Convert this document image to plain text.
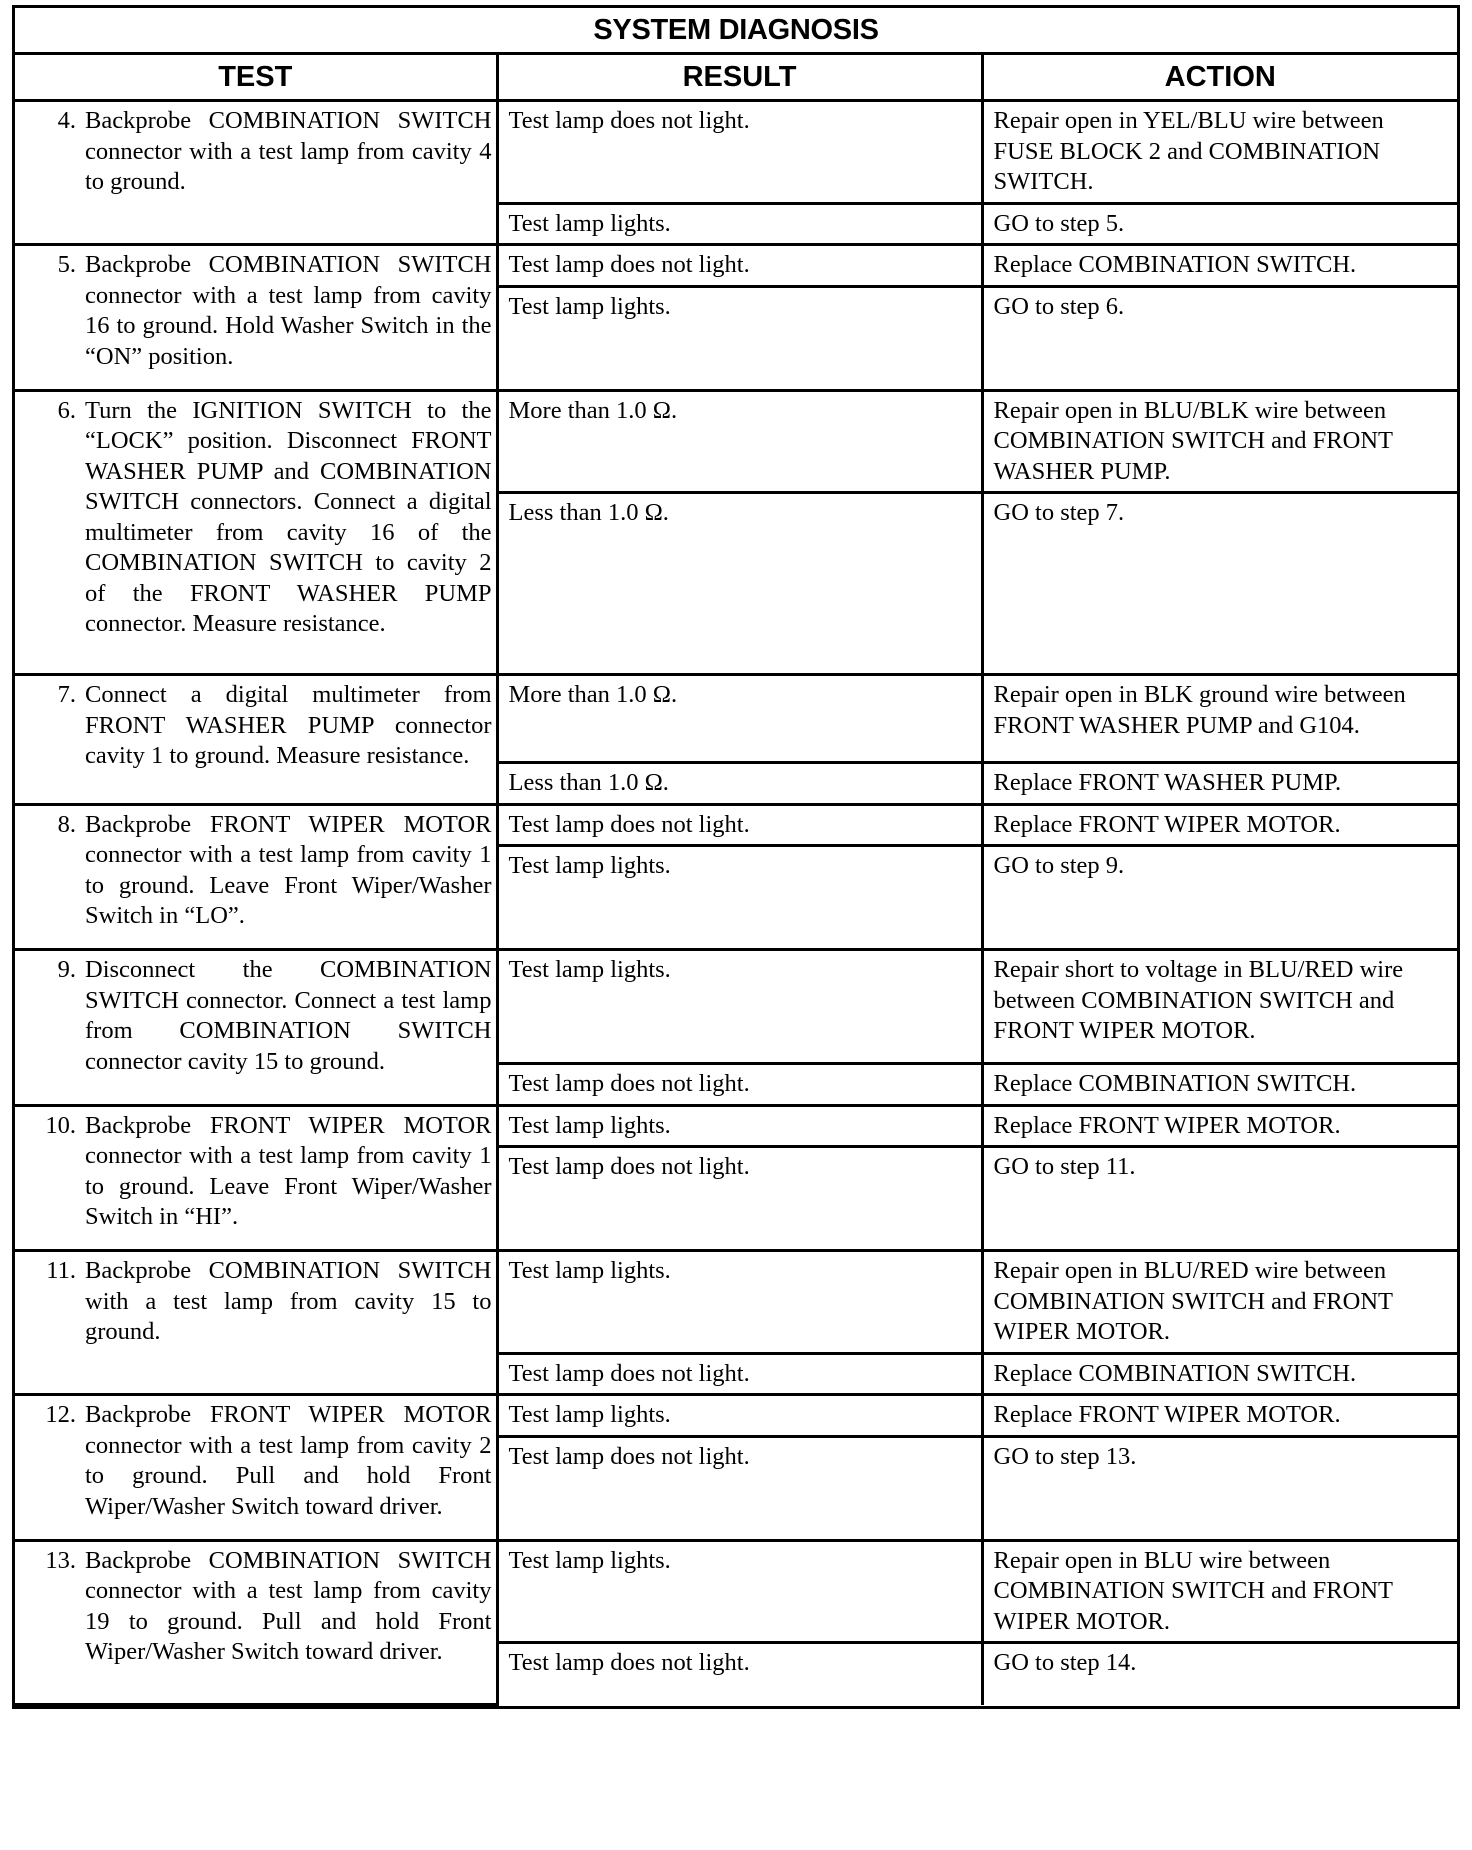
SYSTEM DIAGNOSIS
TEST	RESULT	ACTION

4. Backprobe COMBINATION SWITCH connector with a test lamp from cavity 4 to ground.	Test lamp does not light.	Repair open in YEL/BLU wire between FUSE BLOCK 2 and COMBINATION SWITCH.
	Test lamp lights.	GO to step 5.

5. Backprobe COMBINATION SWITCH connector with a test lamp from cavity 16 to ground. Hold Washer Switch in the “ON” position.	Test lamp does not light.	Replace COMBINATION SWITCH.
	Test lamp lights.	GO to step 6.

6. Turn the IGNITION SWITCH to the “LOCK” position. Disconnect FRONT WASHER PUMP and COMBINATION SWITCH connectors. Connect a digital multimeter from cavity 16 of the COMBINATION SWITCH to cavity 2 of the FRONT WASHER PUMP connector. Measure resistance.	More than 1.0 Ω.	Repair open in BLU/BLK wire between COMBINATION SWITCH and FRONT WASHER PUMP.
	Less than 1.0 Ω.	GO to step 7.

7. Connect a digital multimeter from FRONT WASHER PUMP connector cavity 1 to ground. Measure resistance.	More than 1.0 Ω.	Repair open in BLK ground wire between FRONT WASHER PUMP and G104.
	Less than 1.0 Ω.	Replace FRONT WASHER PUMP.

8. Backprobe FRONT WIPER MOTOR connector with a test lamp from cavity 1 to ground. Leave Front Wiper/Washer Switch in “LO”.	Test lamp does not light.	Replace FRONT WIPER MOTOR.
	Test lamp lights.	GO to step 9.

9. Disconnect the COMBINATION SWITCH connector. Connect a test lamp from COMBINATION SWITCH connector cavity 15 to ground.	Test lamp lights.	Repair short to voltage in BLU/RED wire between COMBINATION SWITCH and FRONT WIPER MOTOR.
	Test lamp does not light.	Replace COMBINATION SWITCH.

10. Backprobe FRONT WIPER MOTOR connector with a test lamp from cavity 1 to ground. Leave Front Wiper/Washer Switch in “HI”.	Test lamp lights.	Replace FRONT WIPER MOTOR.
	Test lamp does not light.	GO to step 11.

11. Backprobe COMBINATION SWITCH with a test lamp from cavity 15 to ground.	Test lamp lights.	Repair open in BLU/RED wire between COMBINATION SWITCH and FRONT WIPER MOTOR.
	Test lamp does not light.	Replace COMBINATION SWITCH.

12. Backprobe FRONT WIPER MOTOR connector with a test lamp from cavity 2 to ground. Pull and hold Front Wiper/Washer Switch toward driver.	Test lamp lights.	Replace FRONT WIPER MOTOR.
	Test lamp does not light.	GO to step 13.

13. Backprobe COMBINATION SWITCH connector with a test lamp from cavity 19 to ground. Pull and hold Front Wiper/Washer Switch toward driver.	Test lamp lights.	Repair open in BLU wire between COMBINATION SWITCH and FRONT WIPER MOTOR.
	Test lamp does not light.	GO to step 14.
